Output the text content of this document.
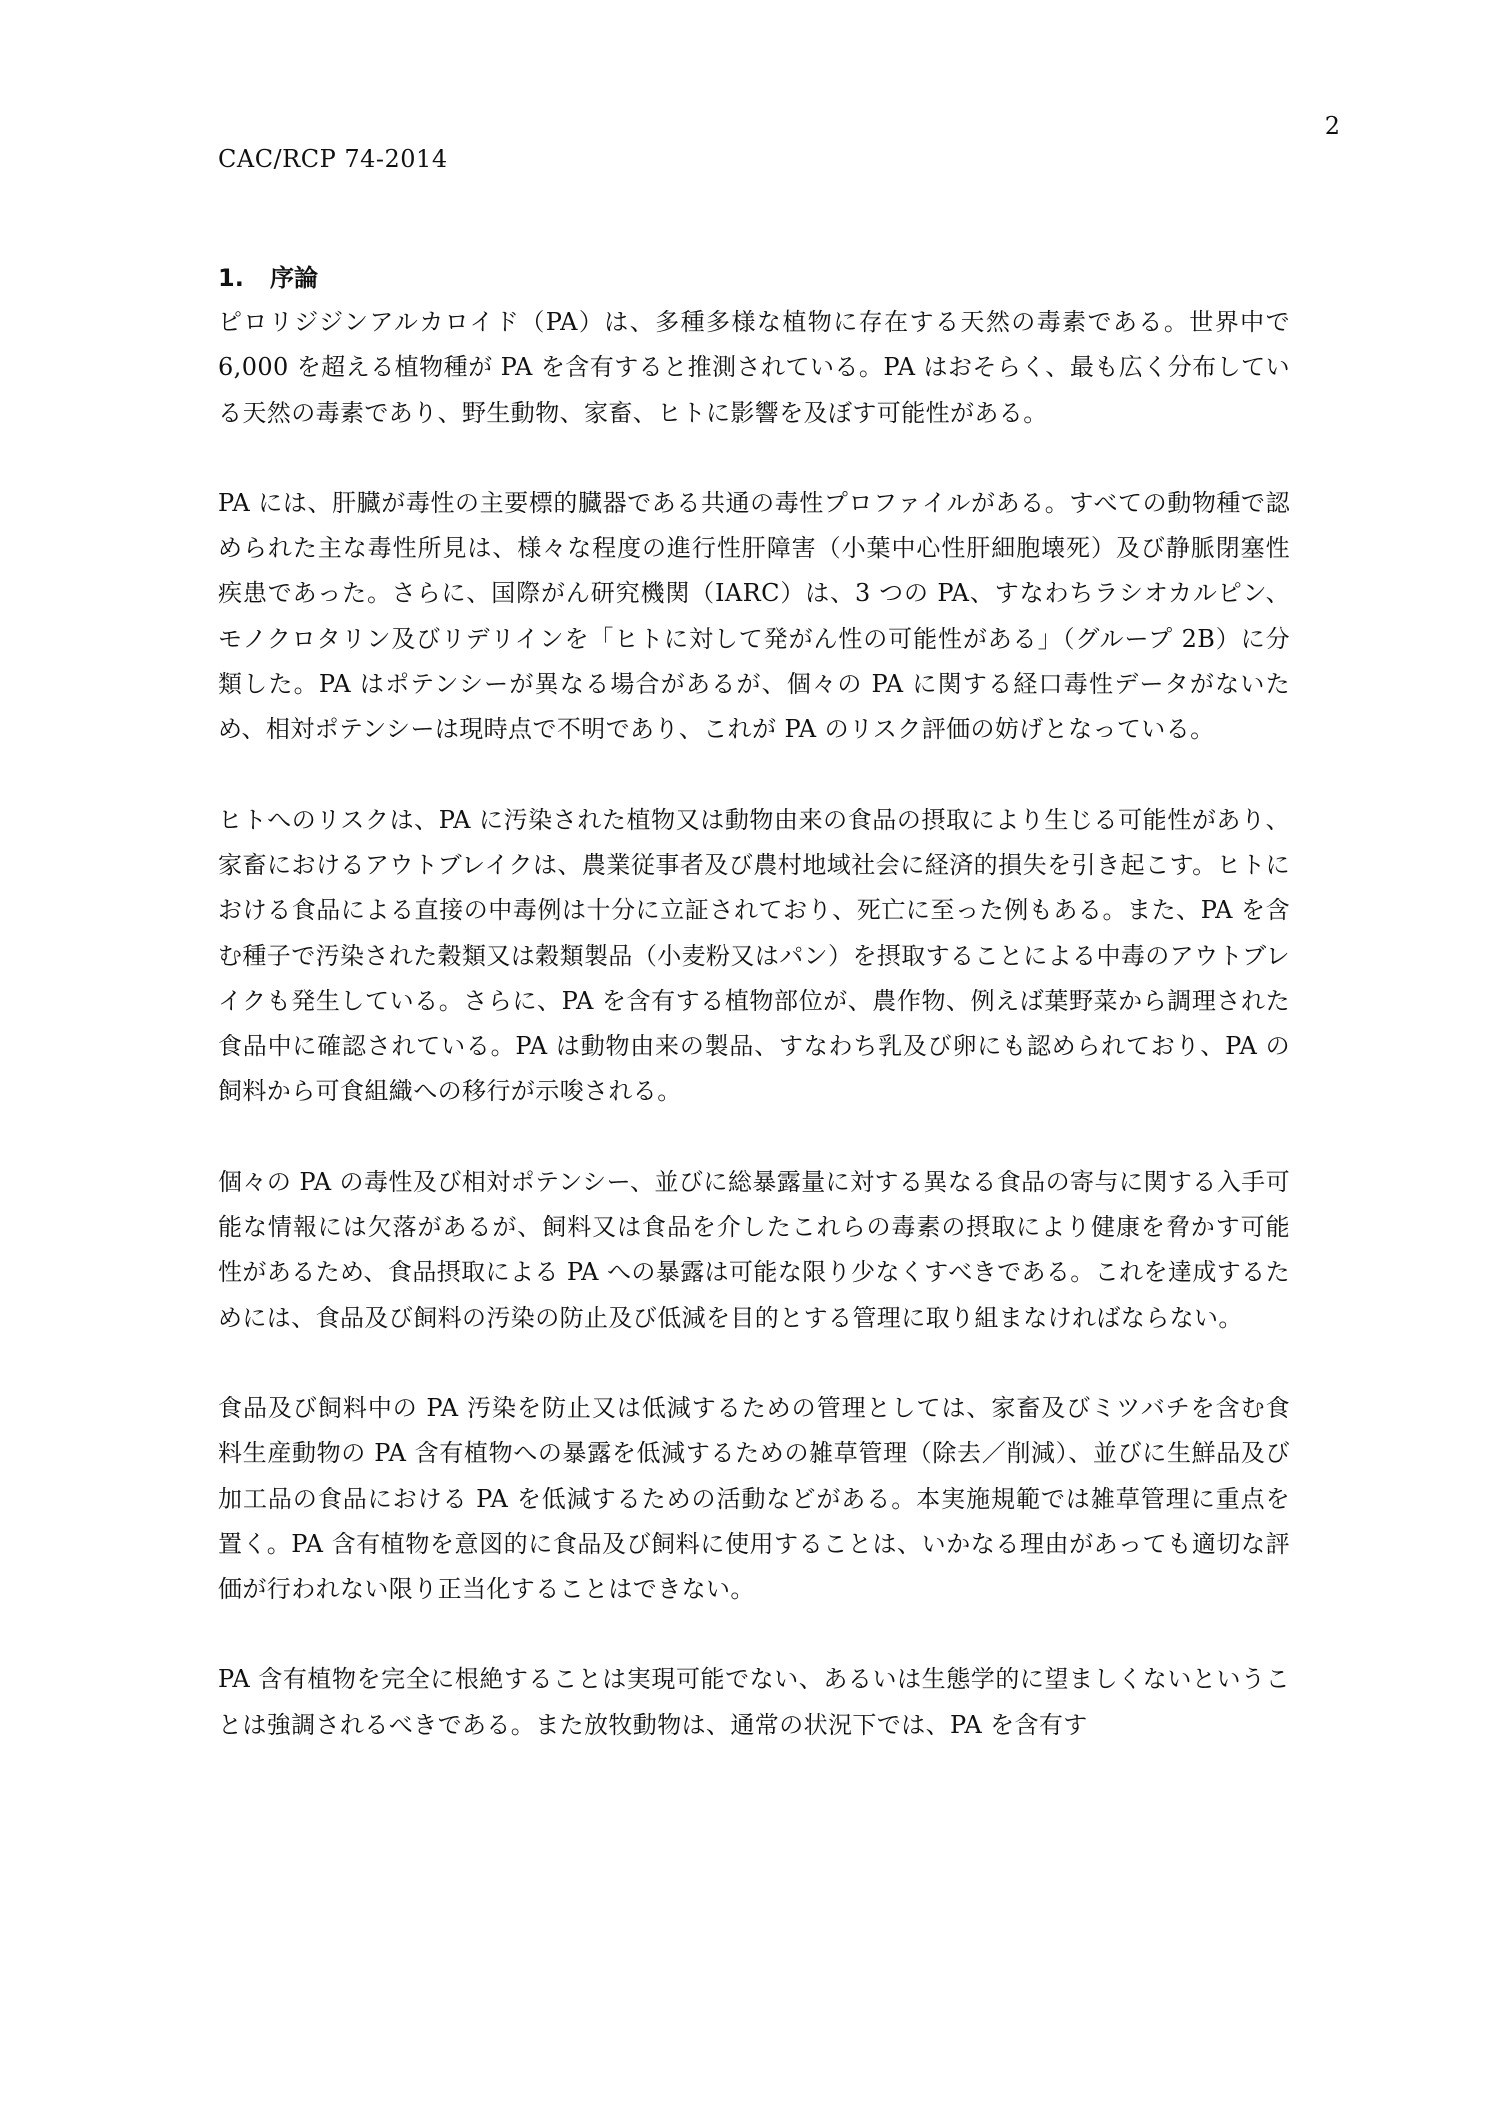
2
CAC/RCP 74-2014
1. 序論

ピロリジジンアルカロイド（PA）は、多種多様な植物に存在する天然の毒素である。世界中で 6,000 を超える植物種が PA を含有すると推測されている。PA はおそらく、最も広く分布している天然の毒素であり、野生動物、家畜、ヒトに影響を及ぼす可能性がある。

PA には、肝臓が毒性の主要標的臓器である共通の毒性プロファイルがある。すべての動物種で認められた主な毒性所見は、様々な程度の進行性肝障害（小葉中心性肝細胞壊死）及び静脈閉塞性疾患であった。さらに、国際がん研究機関（IARC）は、3 つの PA、すなわちラシオカルピン、モノクロタリン及びリデリインを「ヒトに対して発がん性の可能性がある」（グループ 2B）に分類した。PA はポテンシーが異なる場合があるが、個々の PA に関する経口毒性データがないため、相対ポテンシーは現時点で不明であり、これが PA のリスク評価の妨げとなっている。

ヒトへのリスクは、PA に汚染された植物又は動物由来の食品の摂取により生じる可能性があり、家畜におけるアウトブレイクは、農業従事者及び農村地域社会に経済的損失を引き起こす。ヒトにおける食品による直接の中毒例は十分に立証されており、死亡に至った例もある。また、PA を含む種子で汚染された穀類又は穀類製品（小麦粉又はパン）を摂取することによる中毒のアウトブレイクも発生している。さらに、PA を含有する植物部位が、農作物、例えば葉野菜から調理された食品中に確認されている。PA は動物由来の製品、すなわち乳及び卵にも認められており、PA の飼料から可食組織への移行が示唆される。

個々の PA の毒性及び相対ポテンシー、並びに総暴露量に対する異なる食品の寄与に関する入手可能な情報には欠落があるが、飼料又は食品を介したこれらの毒素の摂取により健康を脅かす可能性があるため、食品摂取による PA への暴露は可能な限り少なくすべきである。これを達成するためには、食品及び飼料の汚染の防止及び低減を目的とする管理に取り組まなければならない。

食品及び飼料中の PA 汚染を防止又は低減するための管理としては、家畜及びミツバチを含む食料生産動物の PA 含有植物への暴露を低減するための雑草管理（除去／削減）、並びに生鮮品及び加工品の食品における PA を低減するための活動などがある。本実施規範では雑草管理に重点を置く。PA 含有植物を意図的に食品及び飼料に使用することは、いかなる理由があっても適切な評価が行われない限り正当化することはできない。

PA 含有植物を完全に根絶することは実現可能でない、あるいは生態学的に望ましくないということは強調されるべきである。また放牧動物は、通常の状況下では、PA を含有す
